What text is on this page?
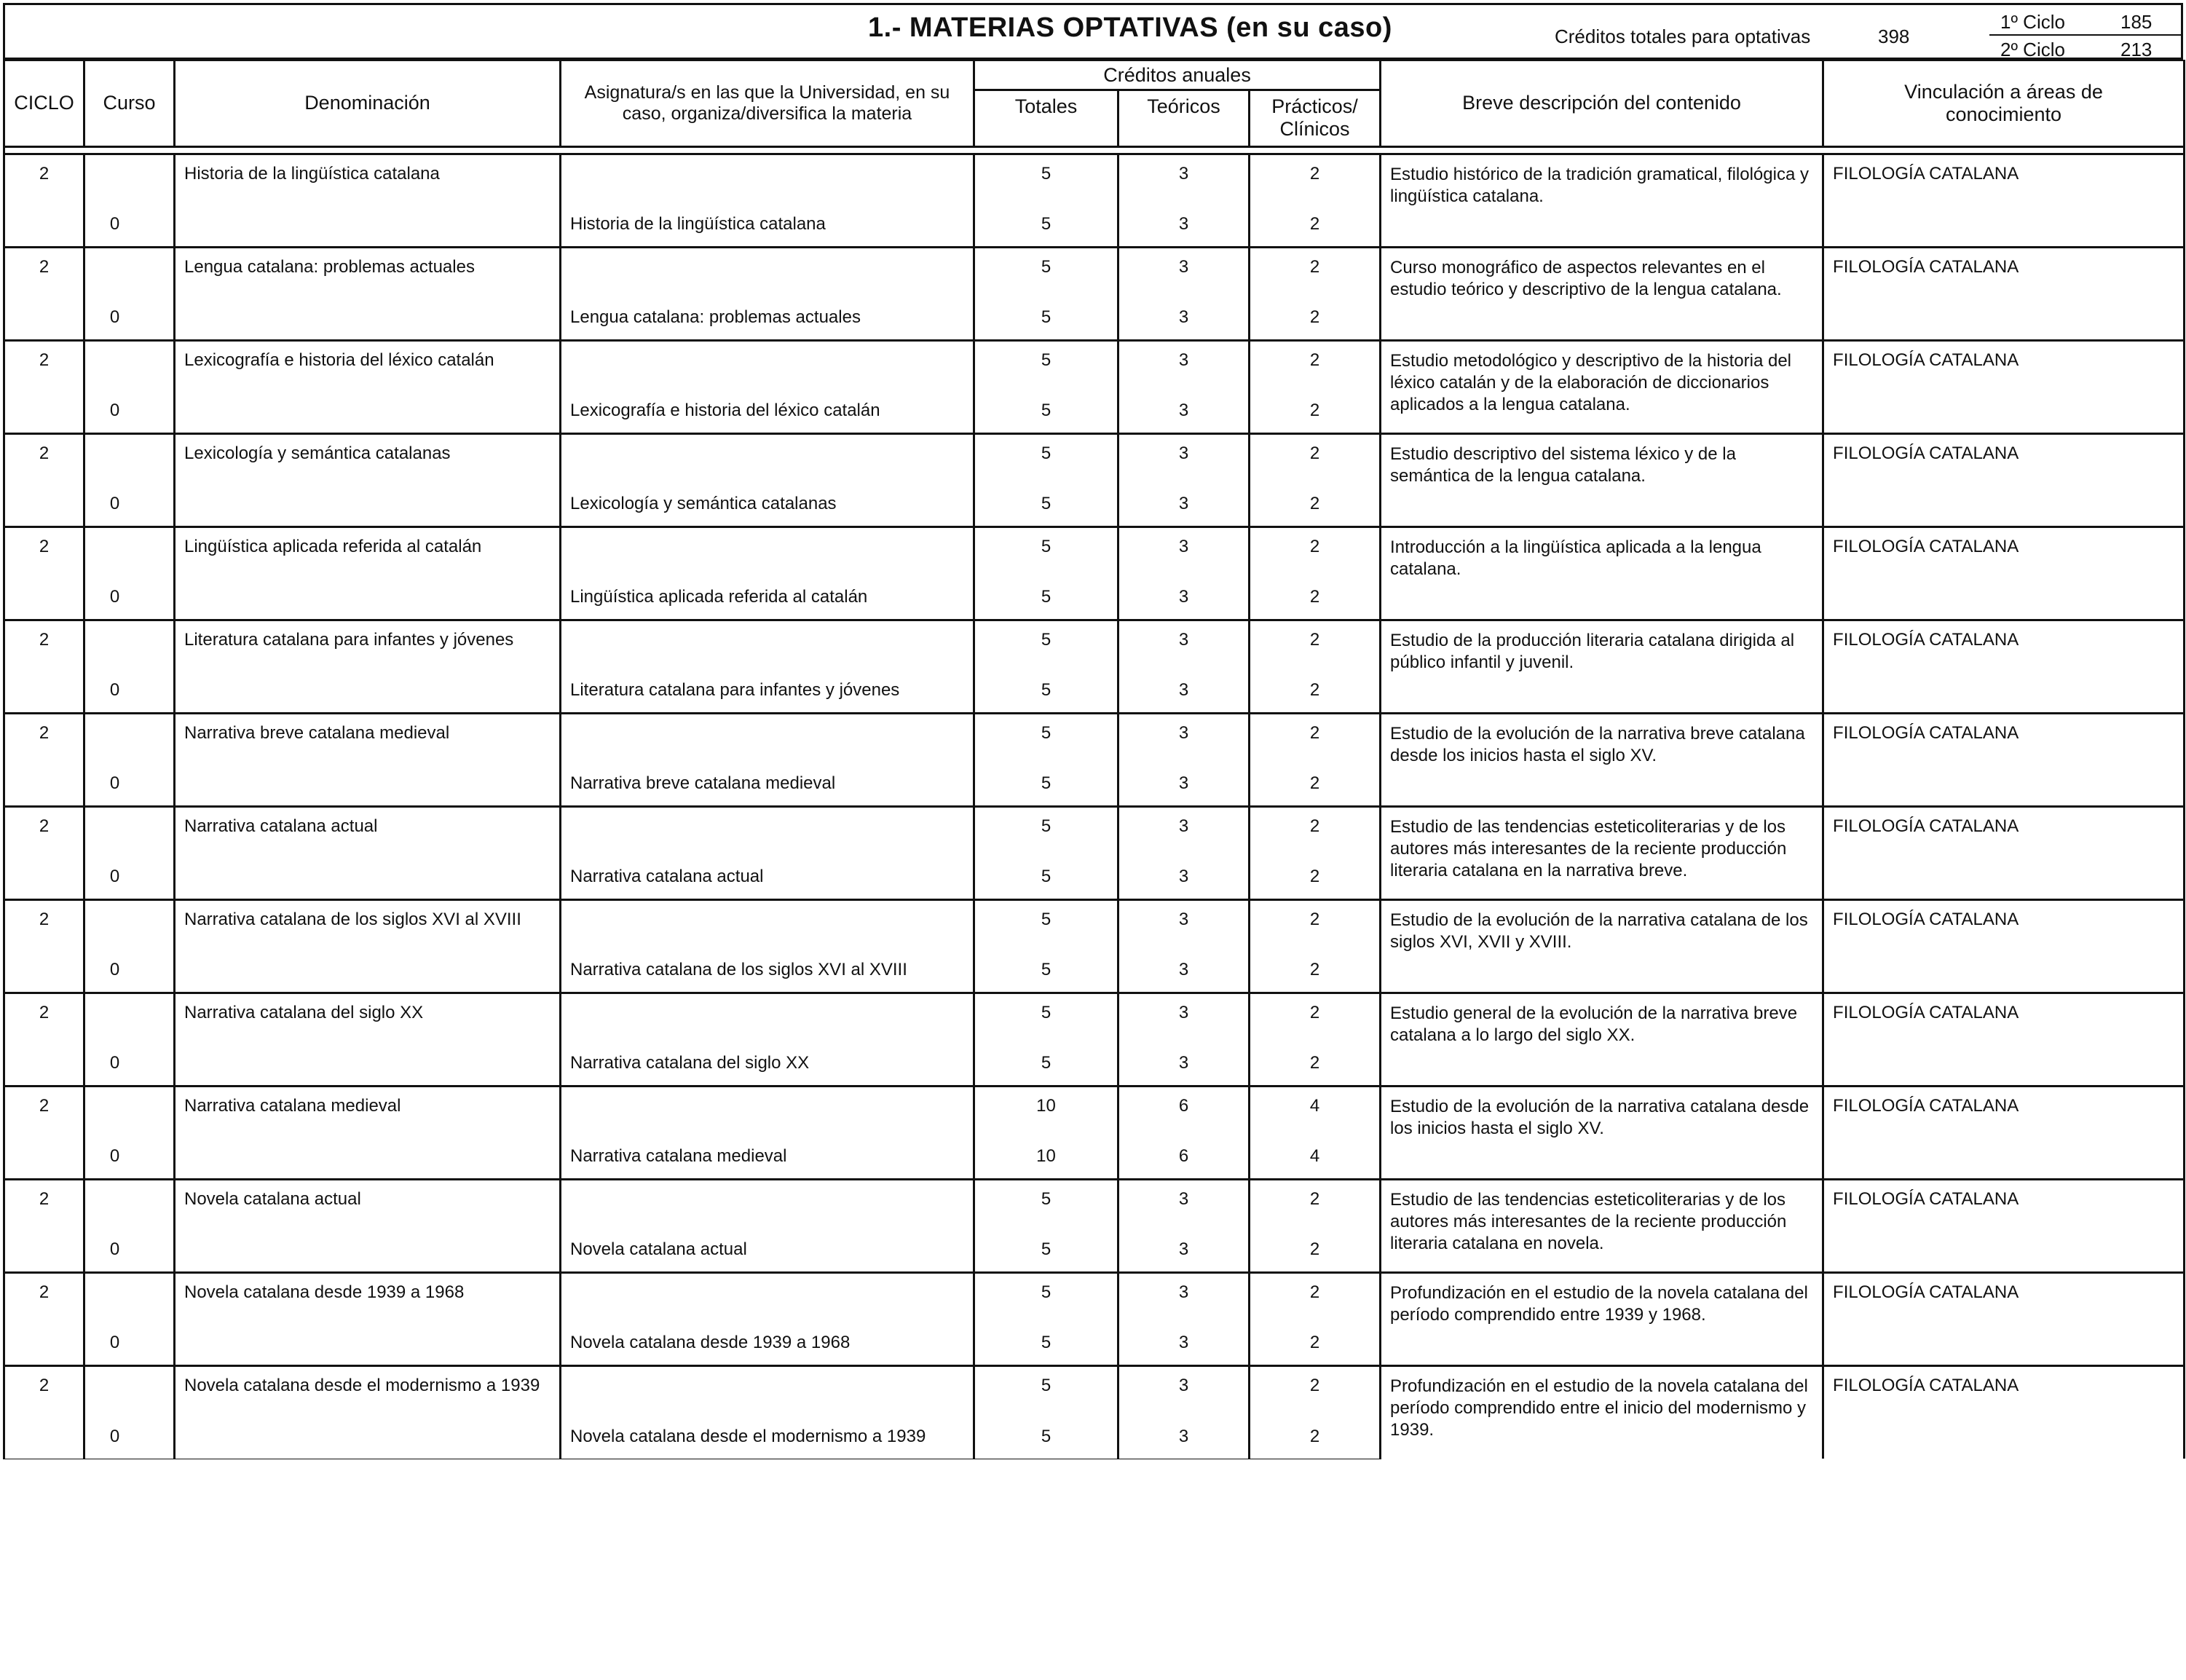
1.- MATERIAS OPTATIVAS (en su caso)	Créditos totales para optativas	398
1º Ciclo	185
2º Ciclo	213
CICLO	Curso	Denominación	Asignatura/s en las que la Universidad, en su caso, organiza/diversifica la materia	Créditos anuales			Breve descripción del contenido	Vinculación a áreas de conocimiento
				Totales	Teóricos	Prácticos/ Clínicos		

2		Historia de la lingüística catalana		5	3	2	Estudio histórico de la tradición gramatical, filológica y lingüística catalana.	FILOLOGÍA CATALANA
	0		Historia de la lingüística catalana	5	3	2		
2		Lengua catalana: problemas actuales		5	3	2	Curso monográfico de aspectos relevantes en el estudio teórico y descriptivo de la lengua catalana.	FILOLOGÍA CATALANA
	0		Lengua catalana: problemas actuales	5	3	2		
2		Lexicografía e historia del léxico catalán		5	3	2	Estudio metodológico y descriptivo de la historia del léxico catalán y de la elaboración de diccionarios aplicados a la lengua catalana.	FILOLOGÍA CATALANA
	0		Lexicografía e historia del léxico catalán	5	3	2		
2		Lexicología y semántica catalanas		5	3	2	Estudio descriptivo del sistema léxico y de la semántica de la lengua catalana.	FILOLOGÍA CATALANA
	0		Lexicología y semántica catalanas	5	3	2		
2		Lingüística aplicada referida al catalán		5	3	2	Introducción a la lingüística aplicada a la lengua catalana.	FILOLOGÍA CATALANA
	0		Lingüística aplicada referida al catalán	5	3	2		
2		Literatura catalana para infantes y jóvenes		5	3	2	Estudio de la producción literaria catalana dirigida al público infantil y juvenil.	FILOLOGÍA CATALANA
	0		Literatura catalana para infantes y jóvenes	5	3	2		
2		Narrativa breve catalana medieval		5	3	2	Estudio de la evolución de la narrativa breve catalana desde los inicios hasta el siglo XV.	FILOLOGÍA CATALANA
	0		Narrativa breve catalana medieval	5	3	2		
2		Narrativa catalana actual		5	3	2	Estudio de las tendencias esteticoliterarias y de los autores más interesantes de la reciente producción literaria catalana en la narrativa breve.	FILOLOGÍA CATALANA
	0		Narrativa catalana actual	5	3	2		
2		Narrativa catalana de los siglos XVI al XVIII		5	3	2	Estudio de la evolución de la narrativa catalana de los siglos XVI, XVII y XVIII.	FILOLOGÍA CATALANA
	0		Narrativa catalana de los siglos XVI al XVIII	5	3	2		
2		Narrativa catalana del siglo XX		5	3	2	Estudio general de la evolución de la narrativa breve catalana a lo largo del siglo XX.	FILOLOGÍA CATALANA
	0		Narrativa catalana del siglo XX	5	3	2		
2		Narrativa catalana medieval		10	6	4	Estudio de la evolución de la narrativa catalana desde los inicios hasta el siglo XV.	FILOLOGÍA CATALANA
	0		Narrativa catalana medieval	10	6	4		
2		Novela catalana actual		5	3	2	Estudio de las tendencias esteticoliterarias y de los autores más interesantes de la reciente producción literaria catalana en novela.	FILOLOGÍA CATALANA
	0		Novela catalana actual	5	3	2		
2		Novela catalana desde 1939 a 1968		5	3	2	Profundización en el estudio de la novela catalana del período comprendido entre 1939 y 1968.	FILOLOGÍA CATALANA
	0		Novela catalana desde 1939 a 1968	5	3	2		
2		Novela catalana desde el modernismo a 1939		5	3	2	Profundización en el estudio de la novela catalana del período comprendido entre el inicio del modernismo y 1939.	FILOLOGÍA CATALANA
	0		Novela catalana desde el modernismo a 1939	5	3	2		
